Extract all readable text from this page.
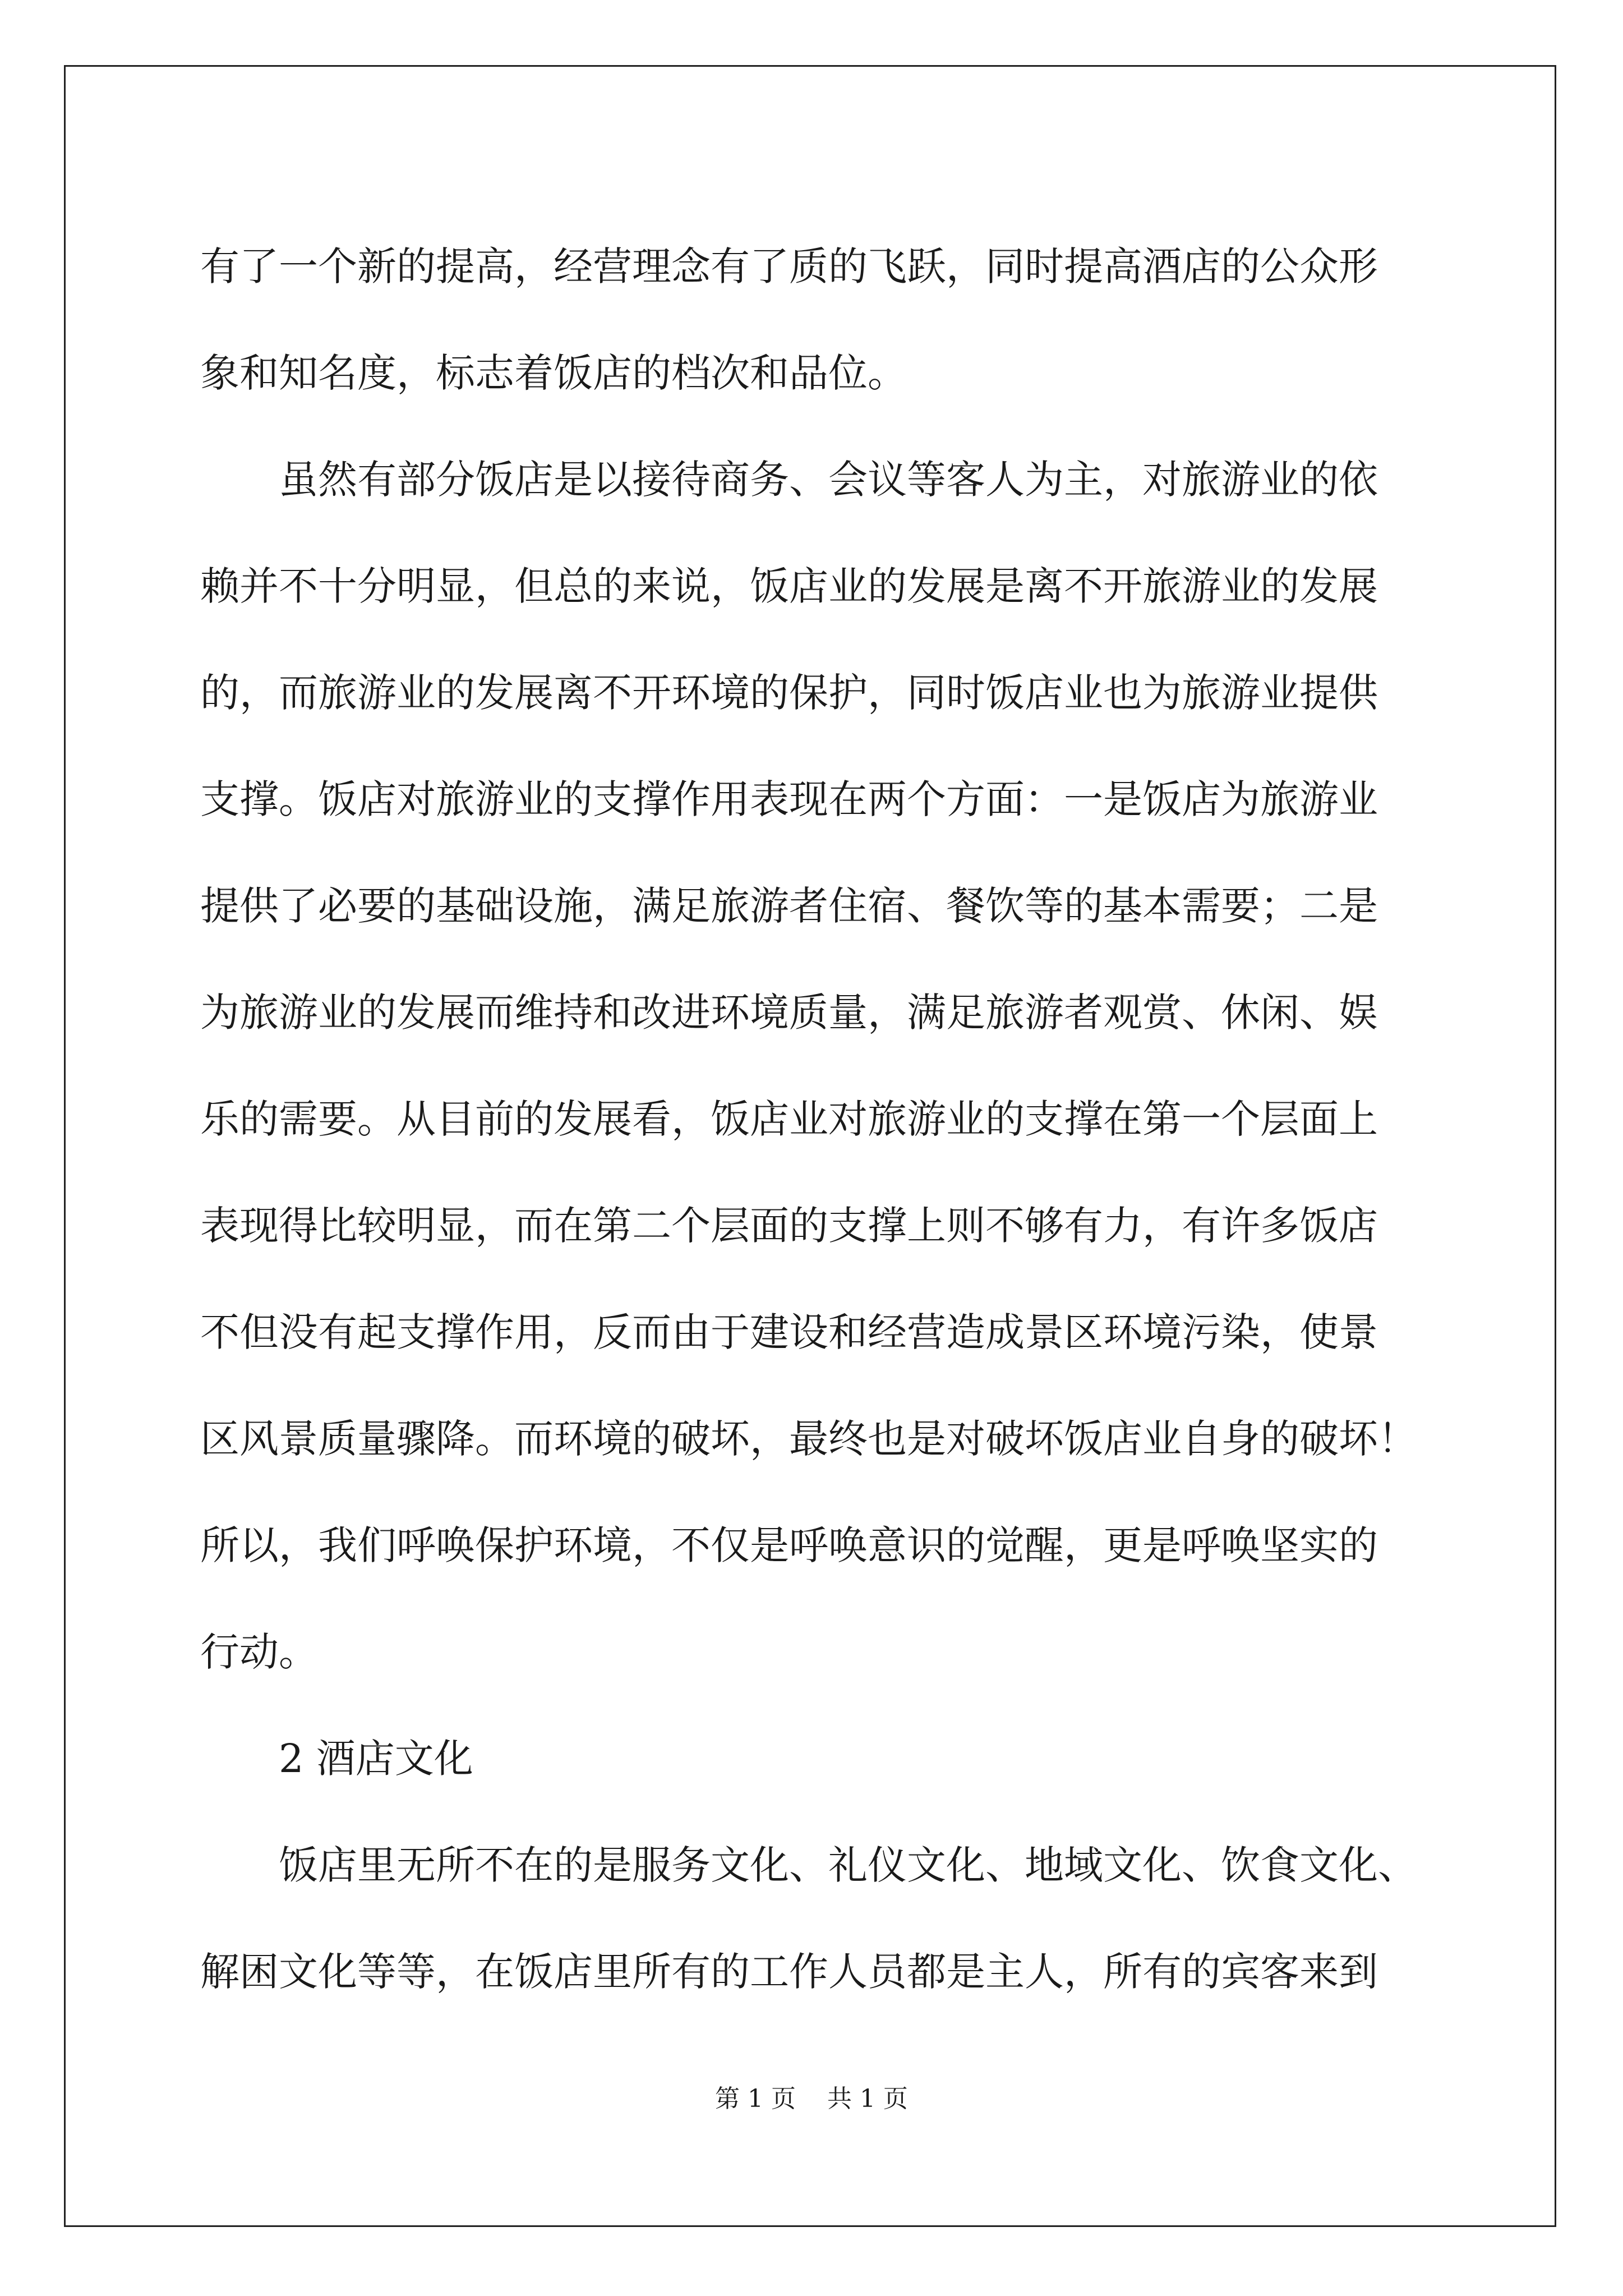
有了一个新的提高，经营理念有了质的飞跃，同时提高酒店的公众形
象和知名度，标志着饭店的档次和品位。
虽然有部分饭店是以接待商务、会议等客人为主，对旅游业的依
赖并不十分明显，但总的来说，饭店业的发展是离不开旅游业的发展
的，而旅游业的发展离不开环境的保护，同时饭店业也为旅游业提供
支撑。饭店对旅游业的支撑作用表现在两个方面：一是饭店为旅游业
提供了必要的基础设施，满足旅游者住宿、餐饮等的基本需要；二是
为旅游业的发展而维持和改进环境质量，满足旅游者观赏、休闲、娱
乐的需要。从目前的发展看，饭店业对旅游业的支撑在第一个层面上
表现得比较明显，而在第二个层面的支撑上则不够有力，有许多饭店
不但没有起支撑作用，反而由于建设和经营造成景区环境污染，使景
区风景质量骤降。而环境的破坏，最终也是对破坏饭店业自身的破坏！
所以，我们呼唤保护环境，不仅是呼唤意识的觉醒，更是呼唤坚实的
行动。
2 酒店文化
饭店里无所不在的是服务文化、礼仪文化、地域文化、饮食文化、
解困文化等等，在饭店里所有的工作人员都是主人，所有的宾客来到
第 1 页    共 1 页
